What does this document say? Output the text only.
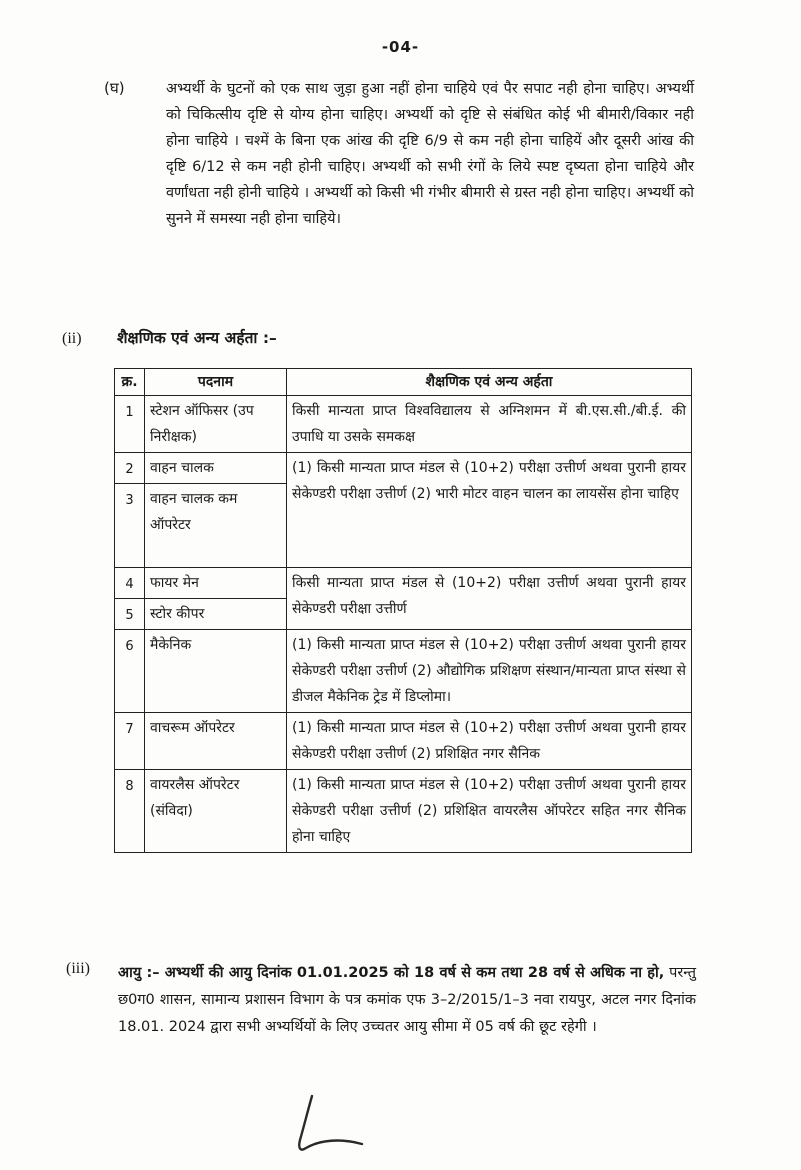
-04-
(घ)	अभ्यर्थी के घुटनों को एक साथ जुड़ा हुआ नहीं होना चाहिये एवं पैर सपाट नही होना चाहिए। अभ्यर्थी को चिकित्सीय दृष्टि से योग्य होना चाहिए। अभ्यर्थी को दृष्टि से संबंधित कोई भी बीमारी/विकार नही होना चाहिये । चश्में के बिना एक आंख की दृष्टि 6/9 से कम नही होना चाहियें और दूसरी आंख की दृष्टि 6/12 से कम नही होनी चाहिए। अभ्यर्थी को सभी रंगों के लिये स्पष्ट दृष्यता होना चाहिये और वर्णांधता नही होनी चाहिये । अभ्यर्थी को किसी भी गंभीर बीमारी से ग्रस्त नही होना चाहिए। अभ्यर्थी को सुनने में समस्या नही होना चाहिये।
(ii) शैक्षणिक एवं अन्य अर्हता :–
क्र.	पदनाम	शैक्षणिक एवं अन्य अर्हता
1	स्टेशन ऑफिसर (उप निरीक्षक)	किसी मान्यता प्राप्त विश्वविद्यालय से अग्निशमन में बी.एस.सी./बी.ई. की उपाधि या उसके समकक्ष
2	वाहन चालक	(1) किसी मान्यता प्राप्त मंडल से (10+2) परीक्षा उत्तीर्ण अथवा पुरानी हायर सेकेण्डरी परीक्षा उत्तीर्ण (2) भारी मोटर वाहन चालन का लायसेंस होना चाहिए
3	वाहन चालक कम ऑपरेटर	
4	फायर मेन	किसी मान्यता प्राप्त मंडल से (10+2) परीक्षा उत्तीर्ण अथवा पुरानी हायर सेकेण्डरी परीक्षा उत्तीर्ण
5	स्टोर कीपर	
6	मैकेनिक	(1) किसी मान्यता प्राप्त मंडल से (10+2) परीक्षा उत्तीर्ण अथवा पुरानी हायर सेकेण्डरी परीक्षा उत्तीर्ण (2) औद्योगिक प्रशिक्षण संस्थान/मान्यता प्राप्त संस्था से डीजल मैकेनिक ट्रेड में डिप्लोमा।
7	वाचरूम ऑपरेटर	(1) किसी मान्यता प्राप्त मंडल से (10+2) परीक्षा उत्तीर्ण अथवा पुरानी हायर सेकेण्डरी परीक्षा उत्तीर्ण (2) प्रशिक्षित नगर सैनिक
8	वायरलैस ऑपरेटर (संविदा)	(1) किसी मान्यता प्राप्त मंडल से (10+2) परीक्षा उत्तीर्ण अथवा पुरानी हायर सेकेण्डरी परीक्षा उत्तीर्ण (2) प्रशिक्षित वायरलैस ऑपरेटर सहित नगर सैनिक होना चाहिए
(iii) आयु :– अभ्यर्थी की आयु दिनांक 01.01.2025 को 18 वर्ष से कम तथा 28 वर्ष से अधिक ना हो, परन्तु छ0ग0 शासन, सामान्य प्रशासन विभाग के पत्र कमांक एफ 3–2/2015/1–3 नवा रायपुर, अटल नगर दिनांक 18.01. 2024 द्वारा सभी अभ्यर्थियों के लिए उच्चतर आयु सीमा में 05 वर्ष की छूट रहेगी ।
